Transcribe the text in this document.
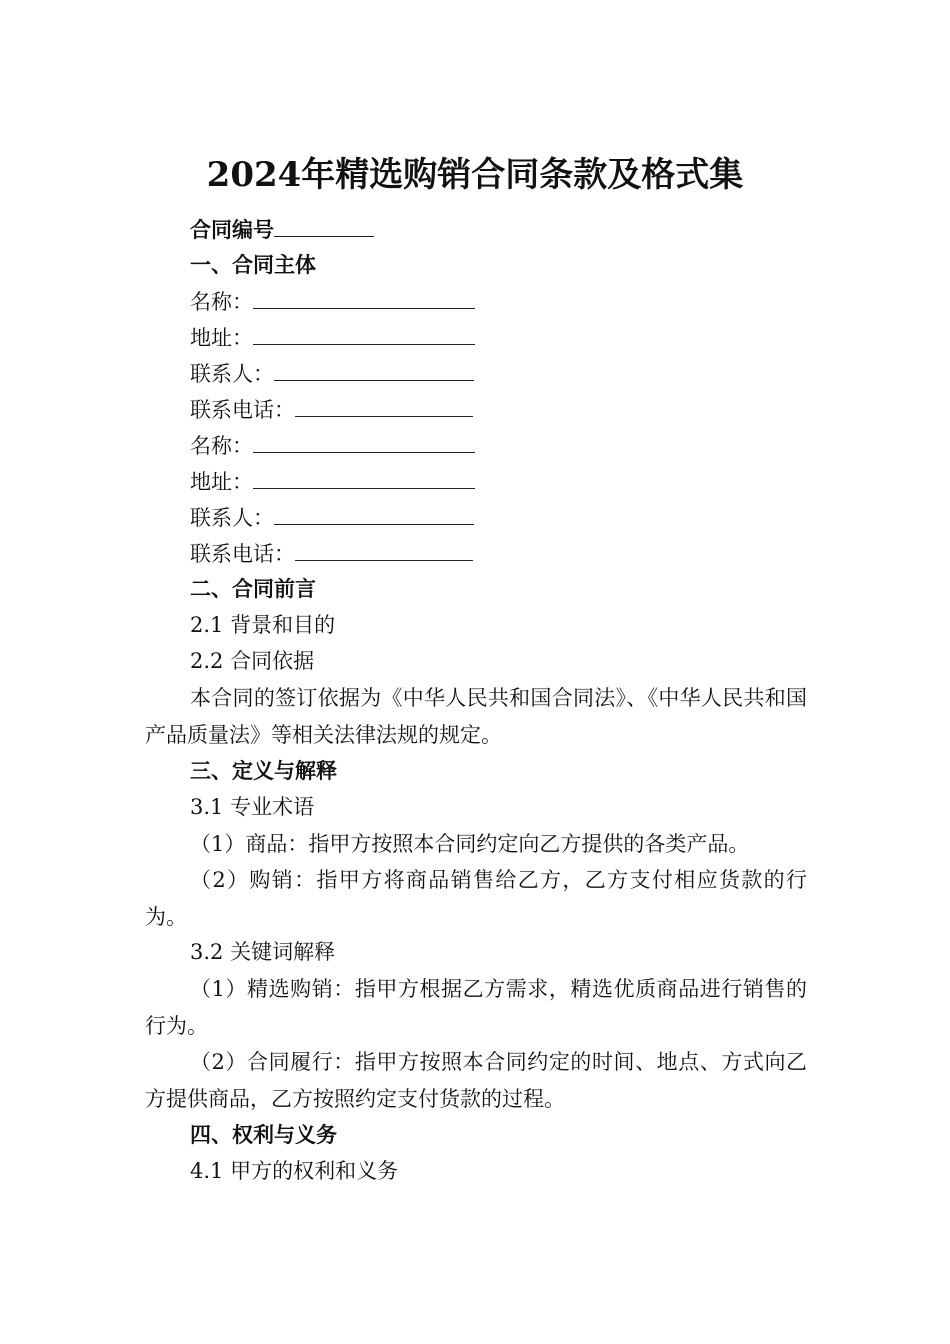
2024年精选购销合同条款及格式集
合同编号
一、合同主体
名称：
地址：
联系人：
联系电话：
名称：
地址：
联系人：
联系电话：
二、合同前言
2.1 背景和目的
2.2 合同依据
本合同的签订依据为《中华人民共和国合同法》、《中华人民共和国产品质量法》等相关法律法规的规定。
三、定义与解释
3.1 专业术语
（1）商品：指甲方按照本合同约定向乙方提供的各类产品。
（2）购销：指甲方将商品销售给乙方，乙方支付相应货款的行为。
3.2 关键词解释
（1）精选购销：指甲方根据乙方需求，精选优质商品进行销售的行为。
（2）合同履行：指甲方按照本合同约定的时间、地点、方式向乙方提供商品，乙方按照约定支付货款的过程。
四、权利与义务
4.1 甲方的权利和义务
